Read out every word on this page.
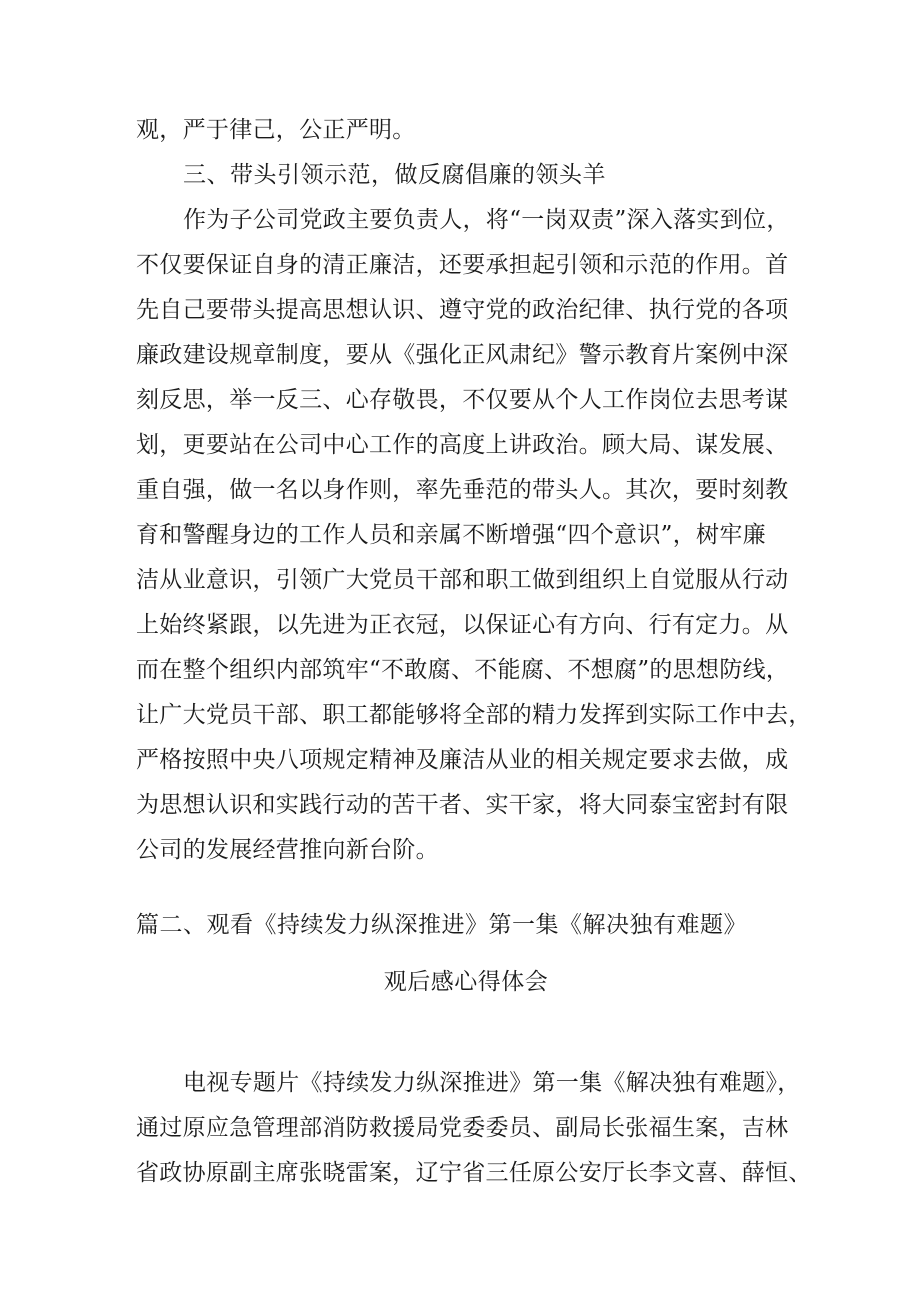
观，严于律己，公正严明。
三、带头引领示范，做反腐倡廉的领头羊
作为子公司党政主要负责人，将“一岗双责”深入落实到位，
不仅要保证自身的清正廉洁，还要承担起引领和示范的作用。首
先自己要带头提高思想认识、遵守党的政治纪律、执行党的各项
廉政建设规章制度，要从《强化正风肃纪》警示教育片案例中深
刻反思，举一反三、心存敬畏，不仅要从个人工作岗位去思考谋
划，更要站在公司中心工作的高度上讲政治。顾大局、谋发展、
重自强，做一名以身作则，率先垂范的带头人。其次，要时刻教
育和警醒身边的工作人员和亲属不断增强“四个意识”，树牢廉
洁从业意识，引领广大党员干部和职工做到组织上自觉服从行动
上始终紧跟，以先进为正衣冠，以保证心有方向、行有定力。从
而在整个组织内部筑牢“不敢腐、不能腐、不想腐”的思想防线，
让广大党员干部、职工都能够将全部的精力发挥到实际工作中去，
严格按照中央八项规定精神及廉洁从业的相关规定要求去做，成
为思想认识和实践行动的苦干者、实干家，将大同泰宝密封有限
公司的发展经营推向新台阶。
篇二、观看《持续发力纵深推进》第一集《解决独有难题》
观后感心得体会
电视专题片《持续发力纵深推进》第一集《解决独有难题》，
通过原应急管理部消防救援局党委委员、副局长张福生案，吉林
省政协原副主席张晓雷案，辽宁省三任原公安厅长李文喜、薛恒、
